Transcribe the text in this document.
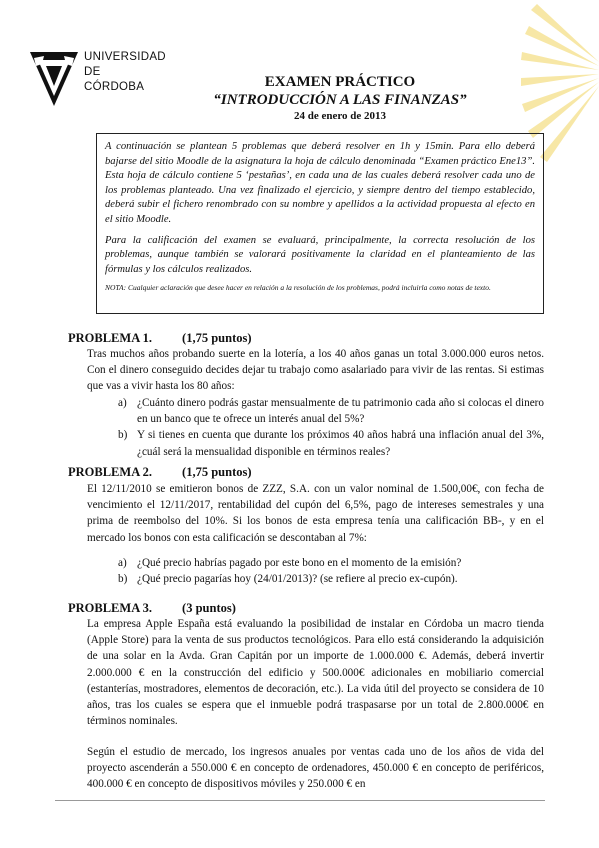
UNIVERSIDAD
DE
CÓRDOBA	EXAMEN PRÁCTICO
“INTRODUCCIÓN A LAS FINANZAS”
24 de enero de 2013

A continuación se plantean 5 problemas que deberá resolver en 1h y 15min. Para ello deberá bajarse del sitio Moodle de la asignatura la hoja de cálculo denominada “Examen práctico Ene13”. Esta hoja de cálculo contiene 5 ‘pestañas’, en cada una de las cuales deberá resolver cada uno de los problemas planteado. Una vez finalizado el ejercicio, y siempre dentro del tiempo establecido, deberá subir el fichero renombrado con su nombre y apellidos a la actividad propuesta al efecto en el sitio Moodle.

Para la calificación del examen se evaluará, principalmente, la correcta resolución de los problemas, aunque también se valorará positivamente la claridad en el planteamiento de las fórmulas y los cálculos realizados.

NOTA: Cualquier aclaración que desee hacer en relación a la resolución de los problemas, podrá incluirla como notas de texto.

PROBLEMA 1. (1,75 puntos)
Tras muchos años probando suerte en la lotería, a los 40 años ganas un total 3.000.000 euros netos. Con el dinero conseguido decides dejar tu trabajo como asalariado para vivir de las rentas. Si estimas que vas a vivir hasta los 80 años:
a) ¿Cuánto dinero podrás gastar mensualmente de tu patrimonio cada año si colocas el dinero en un banco que te ofrece un interés anual del 5%?
b) Y si tienes en cuenta que durante los próximos 40 años habrá una inflación anual del 3%, ¿cuál será la mensualidad disponible en términos reales?
PROBLEMA 2. (1,75 puntos)
El 12/11/2010 se emitieron bonos de ZZZ, S.A. con un valor nominal de 1.500,00€, con fecha de vencimiento el 12/11/2017, rentabilidad del cupón del 6,5%, pago de intereses semestrales y una prima de reembolso del 10%. Si los bonos de esta empresa tenía una calificación BB-, y en el mercado los bonos con esta calificación se descontaban al 7%:
a) ¿Qué precio habrías pagado por este bono en el momento de la emisión?
b) ¿Qué precio pagarías hoy (24/01/2013)? (se refiere al precio ex-cupón).
PROBLEMA 3. (3 puntos)
La empresa Apple España está evaluando la posibilidad de instalar en Córdoba un macro tienda (Apple Store) para la venta de sus productos tecnológicos. Para ello está considerando la adquisición de una solar en la Avda. Gran Capitán por un importe de 1.000.000 €. Además, deberá invertir 2.000.000 € en la construcción del edificio y 500.000€ adicionales en mobiliario comercial (estanterías, mostradores, elementos de decoración, etc.). La vida útil del proyecto se considera de 10 años, tras los cuales se espera que el inmueble podrá traspasarse por un total de 2.800.000€ en términos nominales.
Según el estudio de mercado, los ingresos anuales por ventas cada uno de los años de vida del proyecto ascenderán a 550.000 € en concepto de ordenadores, 450.000 € en concepto de periféricos, 400.000 € en concepto de dispositivos móviles y 250.000 € en
